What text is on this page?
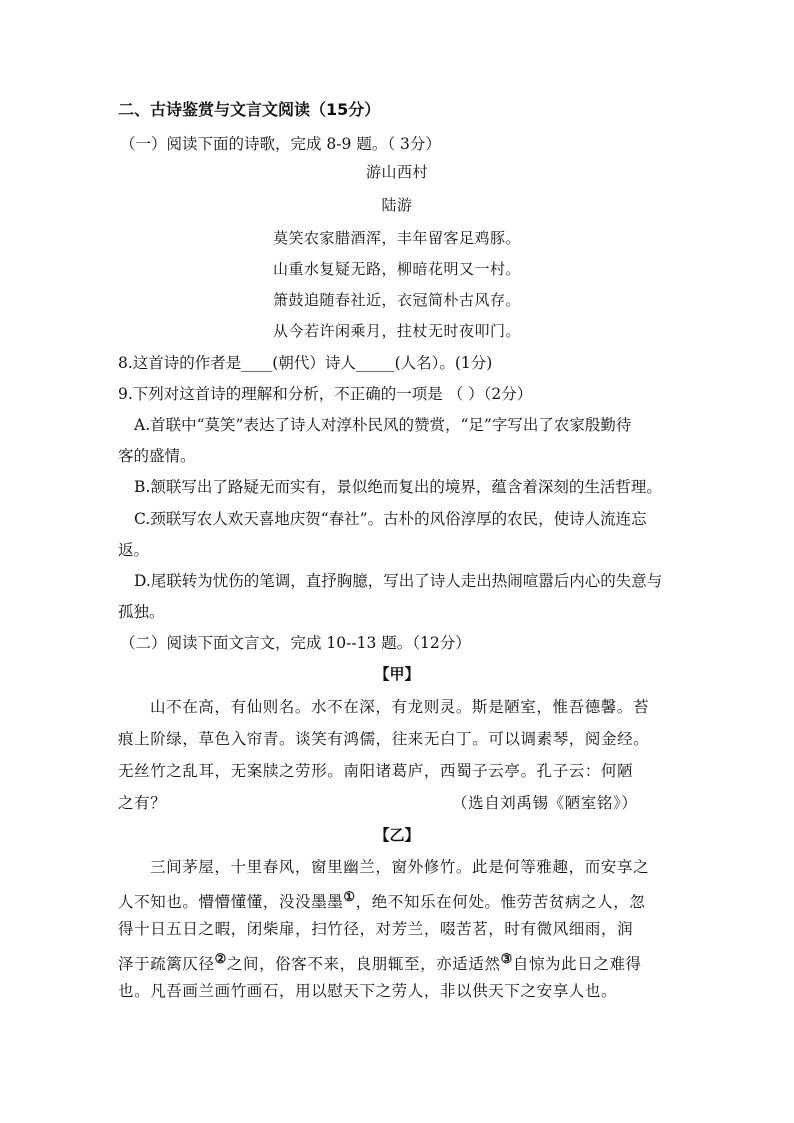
二、古诗鉴赏与文言文阅读（15分）
（一）阅读下面的诗歌，完成 8-9 题。（ 3分）
游山西村
陆游
莫笑农家腊酒浑，丰年留客足鸡豚。
山重水复疑无路，柳暗花明又一村。
箫鼓追随春社近，衣冠简朴古风存。
从今若许闲乘月，拄杖无时夜叩门。
8.这首诗的作者是____(朝代）诗人_____(人名）。(1分)
9.下列对这首诗的理解和分析，不正确的一项是 （ ）（2分）
A.首联中“莫笑”表达了诗人对淳朴民风的赞赏，“足”字写出了农家殷勤待
客的盛情。
B.颔联写出了路疑无而实有，景似绝而复出的境界，蕴含着深刻的生活哲理。
C.颈联写农人欢天喜地庆贺“春社”。古朴的风俗淳厚的农民，使诗人流连忘
返。
D.尾联转为忧伤的笔调，直抒胸臆，写出了诗人走出热闹喧嚣后内心的失意与
孤独。
（二）阅读下面文言文，完成 10--13 题。（12分）
【甲】
山不在高，有仙则名。水不在深，有龙则灵。斯是陋室，惟吾德馨。苔
痕上阶绿，草色入帘青。谈笑有鸿儒，往来无白丁。可以调素琴，阅金经。
无丝竹之乱耳，无案牍之劳形。南阳诸葛庐，西蜀子云亭。孔子云：何陋
之有？	（选自刘禹锡《陋室铭》）
【乙】
三间茅屋，十里春风，窗里幽兰，窗外修竹。此是何等雅趣，而安享之
人不知也。懵懵懂懂，没没墨墨①，绝不知乐在何处。惟劳苦贫病之人，忽
得十日五日之暇，闭柴扉，扫竹径，对芳兰，啜苦茗，时有微风细雨，润
泽于疏篱仄径②之间，俗客不来，良朋辄至，亦适适然③自惊为此日之难得
也。凡吾画兰画竹画石，用以慰天下之劳人，非以供天下之安享人也。
